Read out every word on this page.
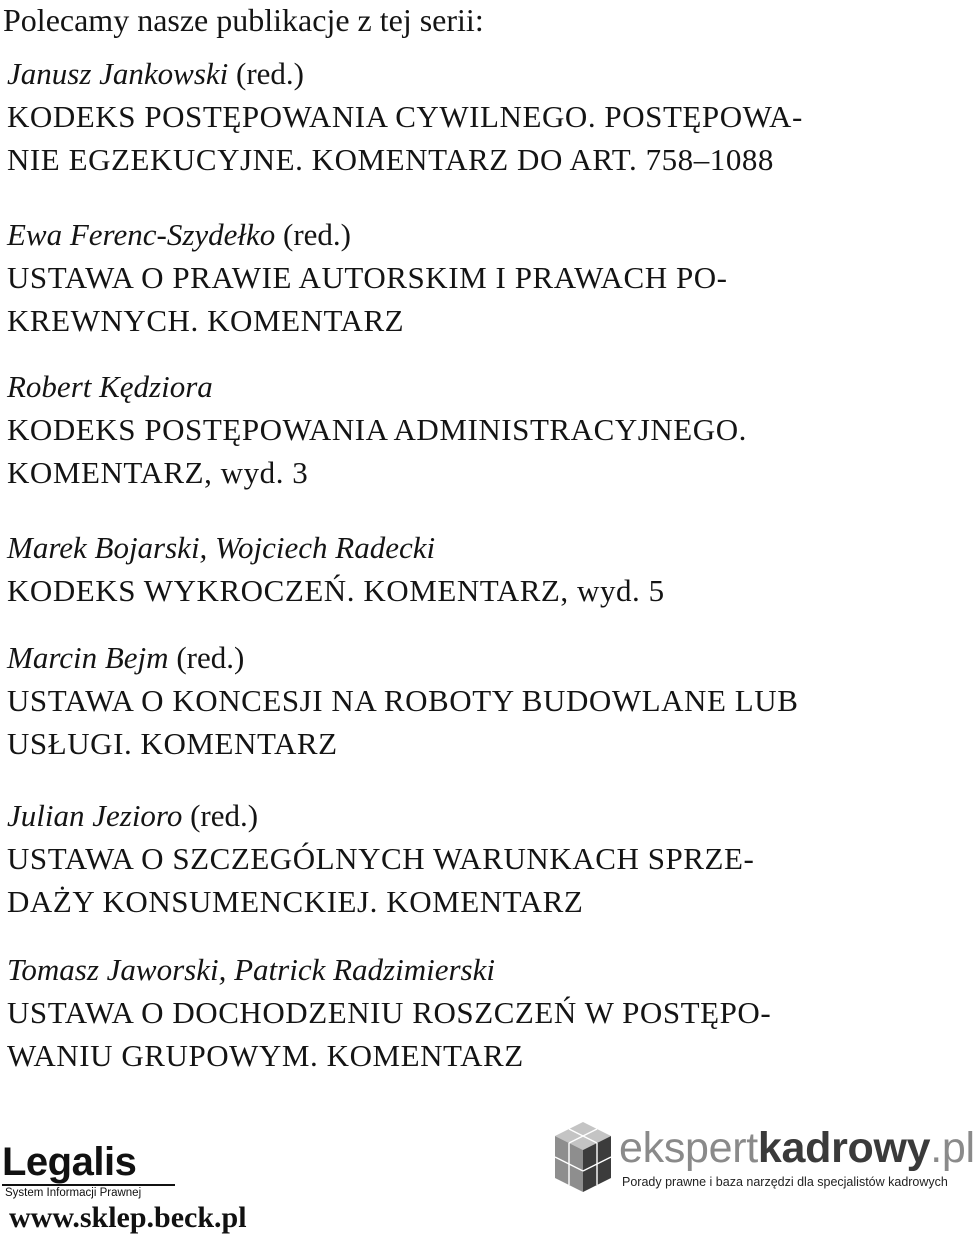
Polecamy nasze publikacje z tej serii:
Janusz Jankowski (red.)
KODEKS POSTĘPOWANIA CYWILNEGO. POSTĘPOWA-
NIE EGZEKUCYJNE. KOMENTARZ DO ART. 758–1088
Ewa Ferenc-Szydełko (red.)
USTAWA O PRAWIE AUTORSKIM I PRAWACH PO-
KREWNYCH. KOMENTARZ
Robert Kędziora
KODEKS POSTĘPOWANIA ADMINISTRACYJNEGO.
KOMENTARZ, wyd. 3
Marek Bojarski, Wojciech Radecki
KODEKS WYKROCZEŃ. KOMENTARZ, wyd. 5
Marcin Bejm (red.)
USTAWA O KONCESJI NA ROBOTY BUDOWLANE LUB
USŁUGI. KOMENTARZ
Julian Jezioro (red.)
USTAWA O SZCZEGÓLNYCH WARUNKACH SPRZE-
DAŻY KONSUMENCKIEJ. KOMENTARZ
Tomasz Jaworski, Patrick Radzimierski
USTAWA O DOCHODZENIU ROSZCZEŃ W POSTĘPO-
WANIU GRUPOWYM. KOMENTARZ
Legalis
System Informacji Prawnej
ekspertkadrowy.pl
Porady prawne i baza narzędzi dla specjalistów kadrowych
www.sklep.beck.pl
